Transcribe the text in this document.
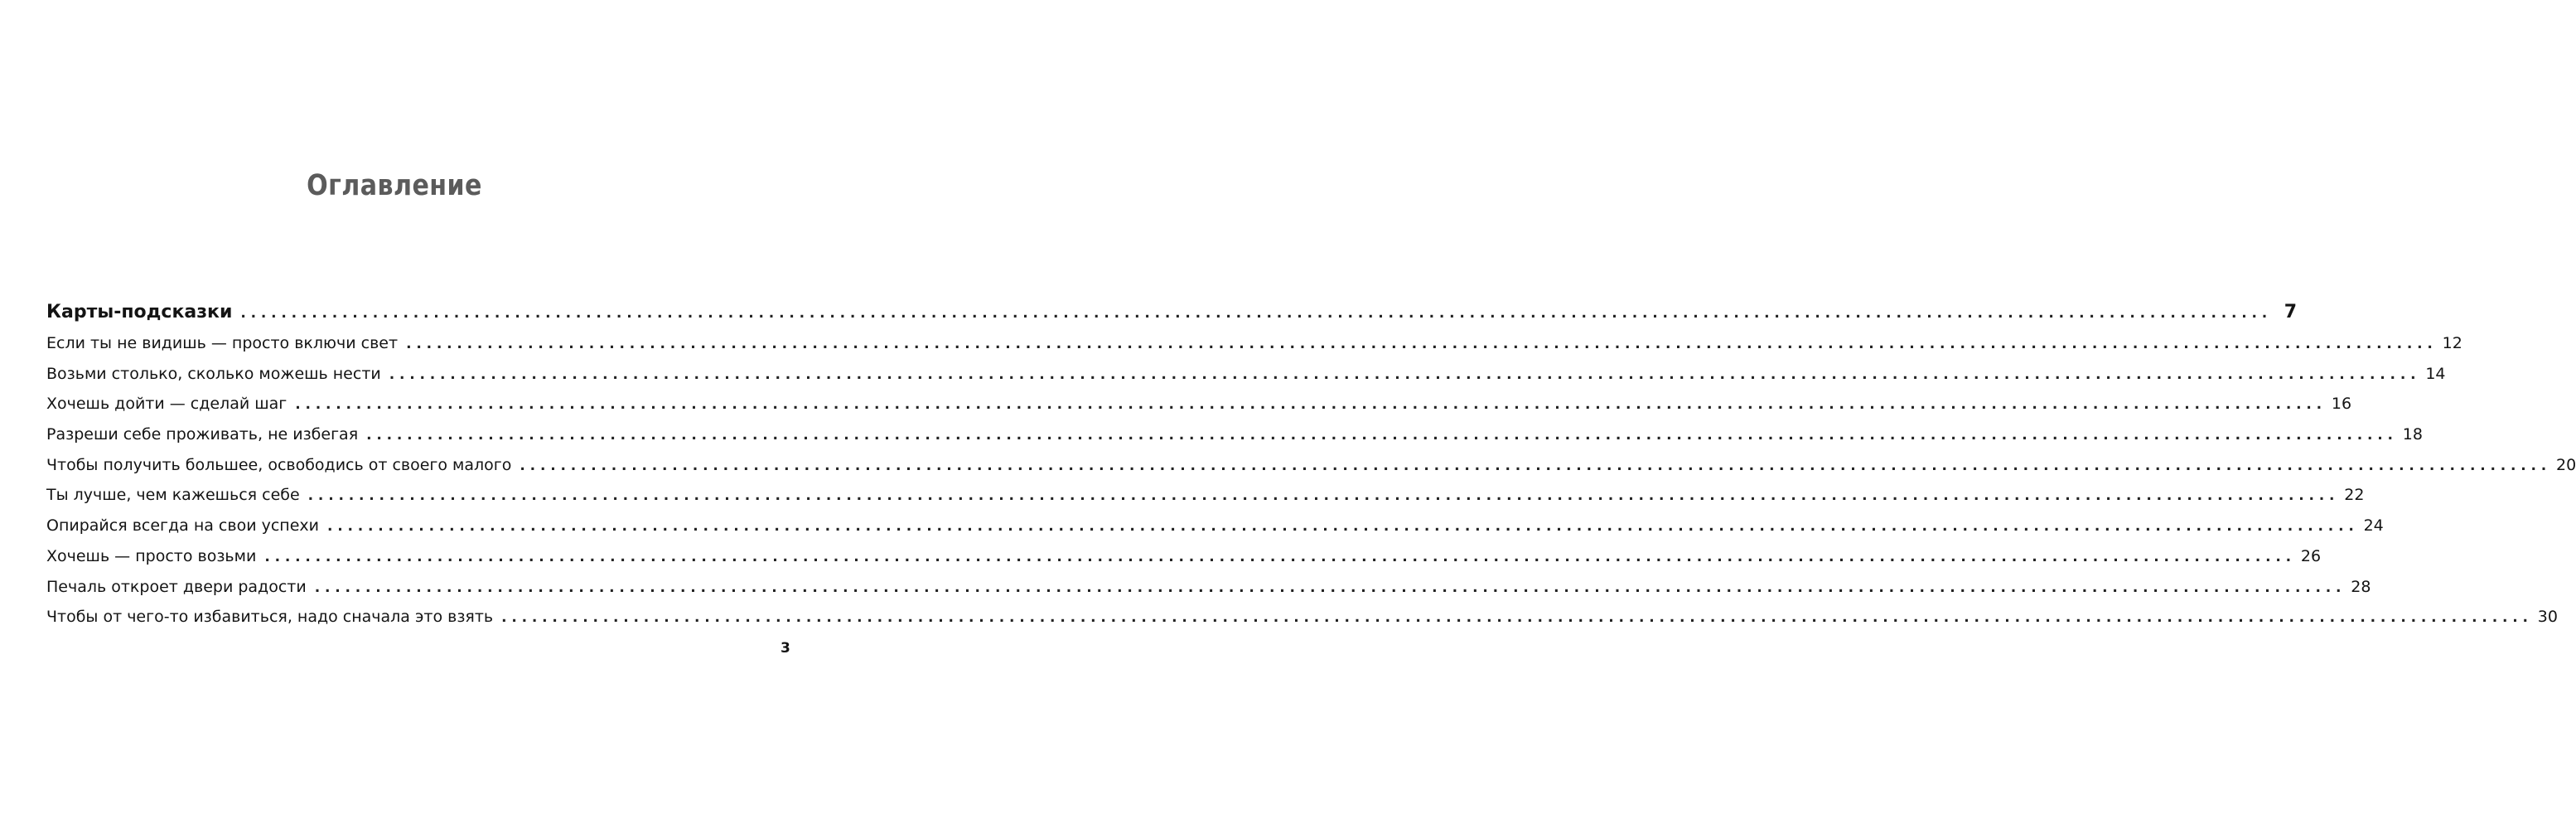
Оглавление
Карты-подсказки ........................................................................................................................................................................................................ 7
Если ты не видишь — просто включи свет ........................................................................................................................................................................................................ 12
Возьми столько, сколько можешь нести ........................................................................................................................................................................................................ 14
Хочешь дойти — сделай шаг ........................................................................................................................................................................................................ 16
Разреши себе проживать, не избегая ........................................................................................................................................................................................................ 18
Чтобы получить большее, освободись от своего малого ........................................................................................................................................................................................................ 20
Ты лучше, чем кажешься себе ........................................................................................................................................................................................................ 22
Опирайся всегда на свои успехи ........................................................................................................................................................................................................ 24
Хочешь — просто возьми ........................................................................................................................................................................................................ 26
Печаль откроет двери радости ........................................................................................................................................................................................................ 28
Чтобы от чего-то избавиться, надо сначала это взять ........................................................................................................................................................................................................ 30
3
